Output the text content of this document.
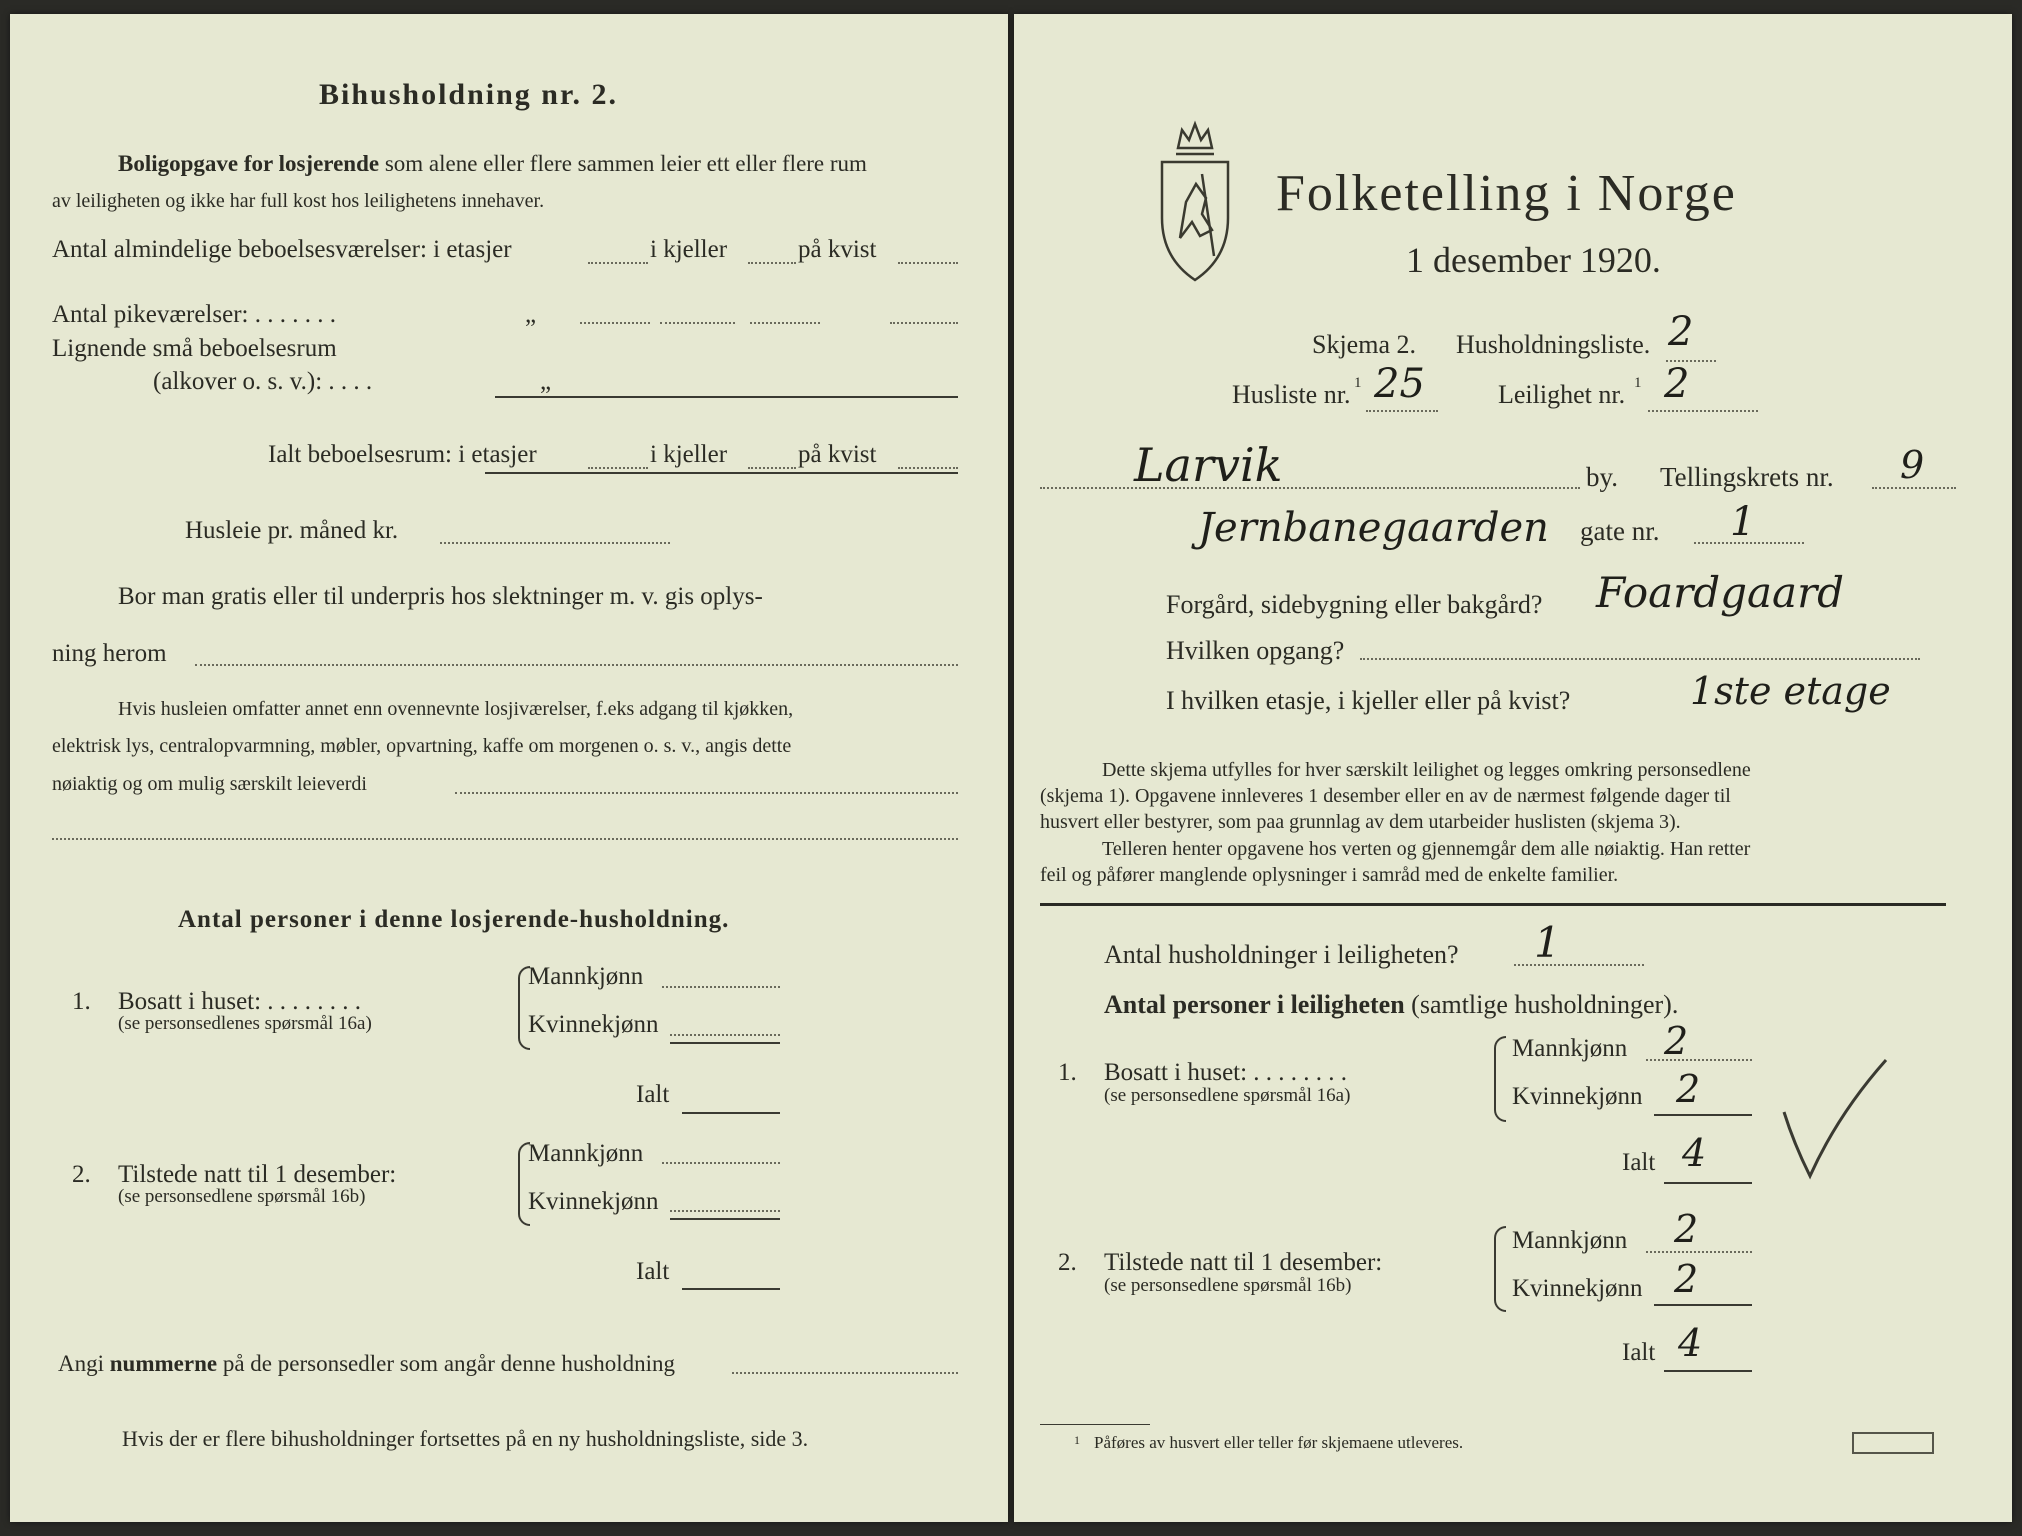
Bihusholdning nr. 2.
Boligopgave for losjerende som alene eller flere sammen leier ett eller flere rum
av leiligheten og ikke har full kost hos leilighetens innehaver.
Antal almindelige beboelsesværelser: i etasjer	i kjeller	på kvist
Antal pikeværelser: . . . . . . .	„
Lignende små beboelsesrum
(alkover o. s. v.): . . . .	„
Ialt beboelsesrum: i etasjer	i kjeller	på kvist
Husleie pr. måned kr.
Bor man gratis eller til underpris hos slektninger m. v. gis oplys-
ning herom
Hvis husleien omfatter annet enn ovennevnte losjiværelser, f.eks adgang til kjøkken,
elektrisk lys, centralopvarmning, møbler, opvartning, kaffe om morgenen o. s. v., angis dette
nøiaktig og om mulig særskilt leieverdi
Antal personer i denne losjerende-husholdning.
1. Bosatt i huset: . . . . . . . .
(se personsedlenes spørsmål 16a)
Mannkjønn
Kvinnekjønn
Ialt
2. Tilstede natt til 1 desember:
(se personsedlene spørsmål 16b)
Mannkjønn
Kvinnekjønn
Ialt
Angi nummerne på de personsedler som angår denne husholdning
Hvis der er flere bihusholdninger fortsettes på en ny husholdningsliste, side 3.
Folketelling i Norge
1 desember 1920.
Skjema 2. Husholdningsliste. 2
Husliste nr. 1 25	Leilighet nr. 1 2
Larvik	by. Tellingskrets nr. 9
Jernbanegaarden gate nr. 1
Forgård, sidebygning eller bakgård? Foardgaard
Hvilken opgang?
I hvilken etasje, i kjeller eller på kvist?	1ste etage
Dette skjema utfylles for hver særskilt leilighet og legges omkring personsedlene
(skjema 1). Opgavene innleveres 1 desember eller en av de nærmest følgende dager til
husvert eller bestyrer, som paa grunnlag av dem utarbeider huslisten (skjema 3).
Telleren henter opgavene hos verten og gjennemgår dem alle nøiaktig. Han retter
feil og påfører manglende oplysninger i samråd med de enkelte familier.
Antal husholdninger i leiligheten? 1
Antal personer i leiligheten (samtlige husholdninger).
1. Bosatt i huset: . . . . . . . .
(se personsedlene spørsmål 16a)
Mannkjønn 2
Kvinnekjønn 2
Ialt 4
2. Tilstede natt til 1 desember:
(se personsedlene spørsmål 16b)
Mannkjønn 2
Kvinnekjønn 2
Ialt 4
1 Påføres av husvert eller teller før skjemaene utleveres.
